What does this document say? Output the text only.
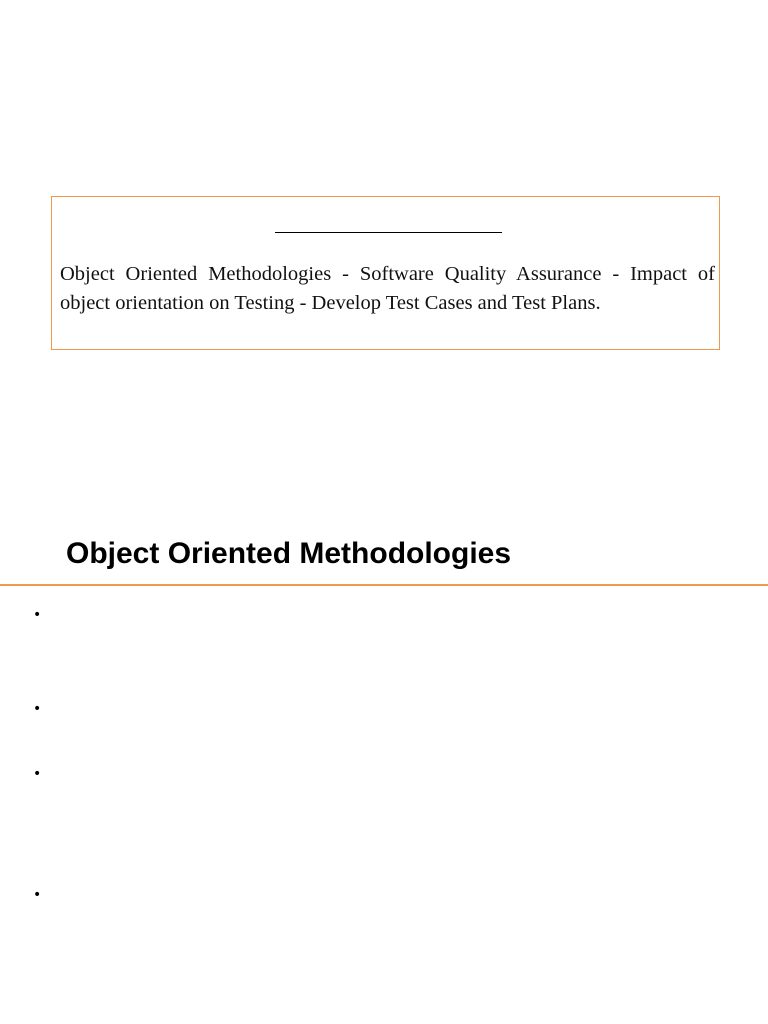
Object Oriented Methodologies - Software Quality Assurance - Impact of object orientation on Testing - Develop Test Cases and Test Plans.

Object Oriented Methodologies
•
•
•
•
